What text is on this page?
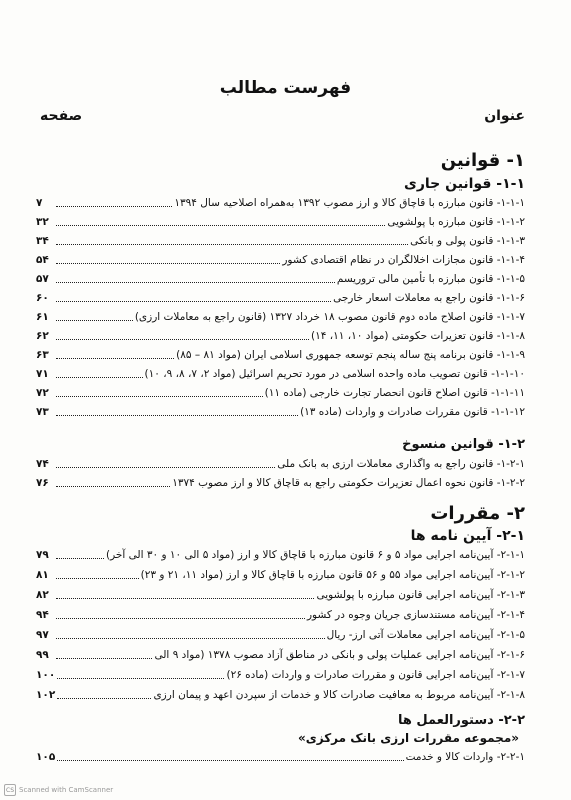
فهرست مطالب
عنوان
صفحه
۱- قوانین
۱-۱- قوانین جاری
۱-۱-۱- قانون مبارزه با قاچاق کالا و ارز مصوب ۱۳۹۲ به‌همراه اصلاحیه سال ۱۳۹۴
۷
۱-۱-۲- قانون مبارزه با پولشویی
۳۲
۱-۱-۳- قانون پولی و بانکی
۳۴
۱-۱-۴- قانون مجازات اخلالگران در نظام اقتصادی کشور
۵۴
۱-۱-۵- قانون مبارزه با تأمین مالی تروریسم
۵۷
۱-۱-۶- قانون راجع به معاملات اسعار خارجی
۶۰
۱-۱-۷- قانون اصلاح ماده دوم قانون مصوب ۱۸ خرداد ۱۳۲۷ (قانون راجع به معاملات ارزی)
۶۱
۱-۱-۸- قانون تعزیرات حکومتی (مواد ۱۰، ۱۱، ۱۴)
۶۲
۱-۱-۹- قانون برنامه پنج ساله پنجم توسعه جمهوری اسلامی ایران (مواد ۸۱ – ۸۵)
۶۳
۱-۱-۱۰- قانون تصویب ماده واحده اسلامی در مورد تحریم اسرائیل (مواد ۲، ۷، ۸، ۹، ۱۰)
۷۱
۱-۱-۱۱- قانون اصلاح قانون انحصار تجارت خارجی (ماده ۱۱)
۷۲
۱-۱-۱۲- قانون مقررات صادرات و واردات (ماده ۱۳)
۷۳
۱-۲- قوانین منسوخ
۱-۲-۱- قانون راجع به واگذاری معاملات ارزی به بانک ملی
۷۴
۱-۲-۲- قانون نحوه اعمال تعزیرات حکومتی راجع به قاچاق کالا و ارز مصوب ۱۳۷۴
۷۶
۲- مقررات
۲-۱- آیین نامه ها
۲-۱-۱- آیین‌نامه اجرایی مواد ۵ و ۶ قانون مبارزه با قاچاق کالا و ارز (مواد ۵ الی ۱۰ و ۳۰ الی آخر)
۷۹
۲-۱-۲- آیین‌نامه اجرایی مواد ۵۵ و ۵۶ قانون مبارزه با قاچاق کالا و ارز (مواد ۱۱، ۲۱ و ۲۳)
۸۱
۲-۱-۳- آیین‌نامه اجرایی قانون مبارزه با پولشویی
۸۲
۲-۱-۴- آیین‌نامه مستندسازی جریان وجوه در کشور
۹۴
۲-۱-۵- آیین‌نامه اجرایی معاملات آتی ارز- ریال
۹۷
۲-۱-۶- آیین‌نامه اجرایی عملیات پولی و بانکی در مناطق آزاد مصوب ۱۳۷۸ (مواد ۹ الی
۹۹
۲-۱-۷- آیین‌نامه اجرایی قانون و مقررات صادرات و واردات (ماده ۲۶)
۱۰۰
۲-۱-۸- آیین‌نامه مربوط به معافیت صادرات کالا و خدمات از سپردن اعهد و پیمان ارزی
۱۰۲
۲-۲- دستورالعمل ها
«مجموعه مقررات ارزی بانک مرکزی»
۲-۲-۱- واردات کالا و خدمت
۱۰۵
CS Scanned with CamScanner
